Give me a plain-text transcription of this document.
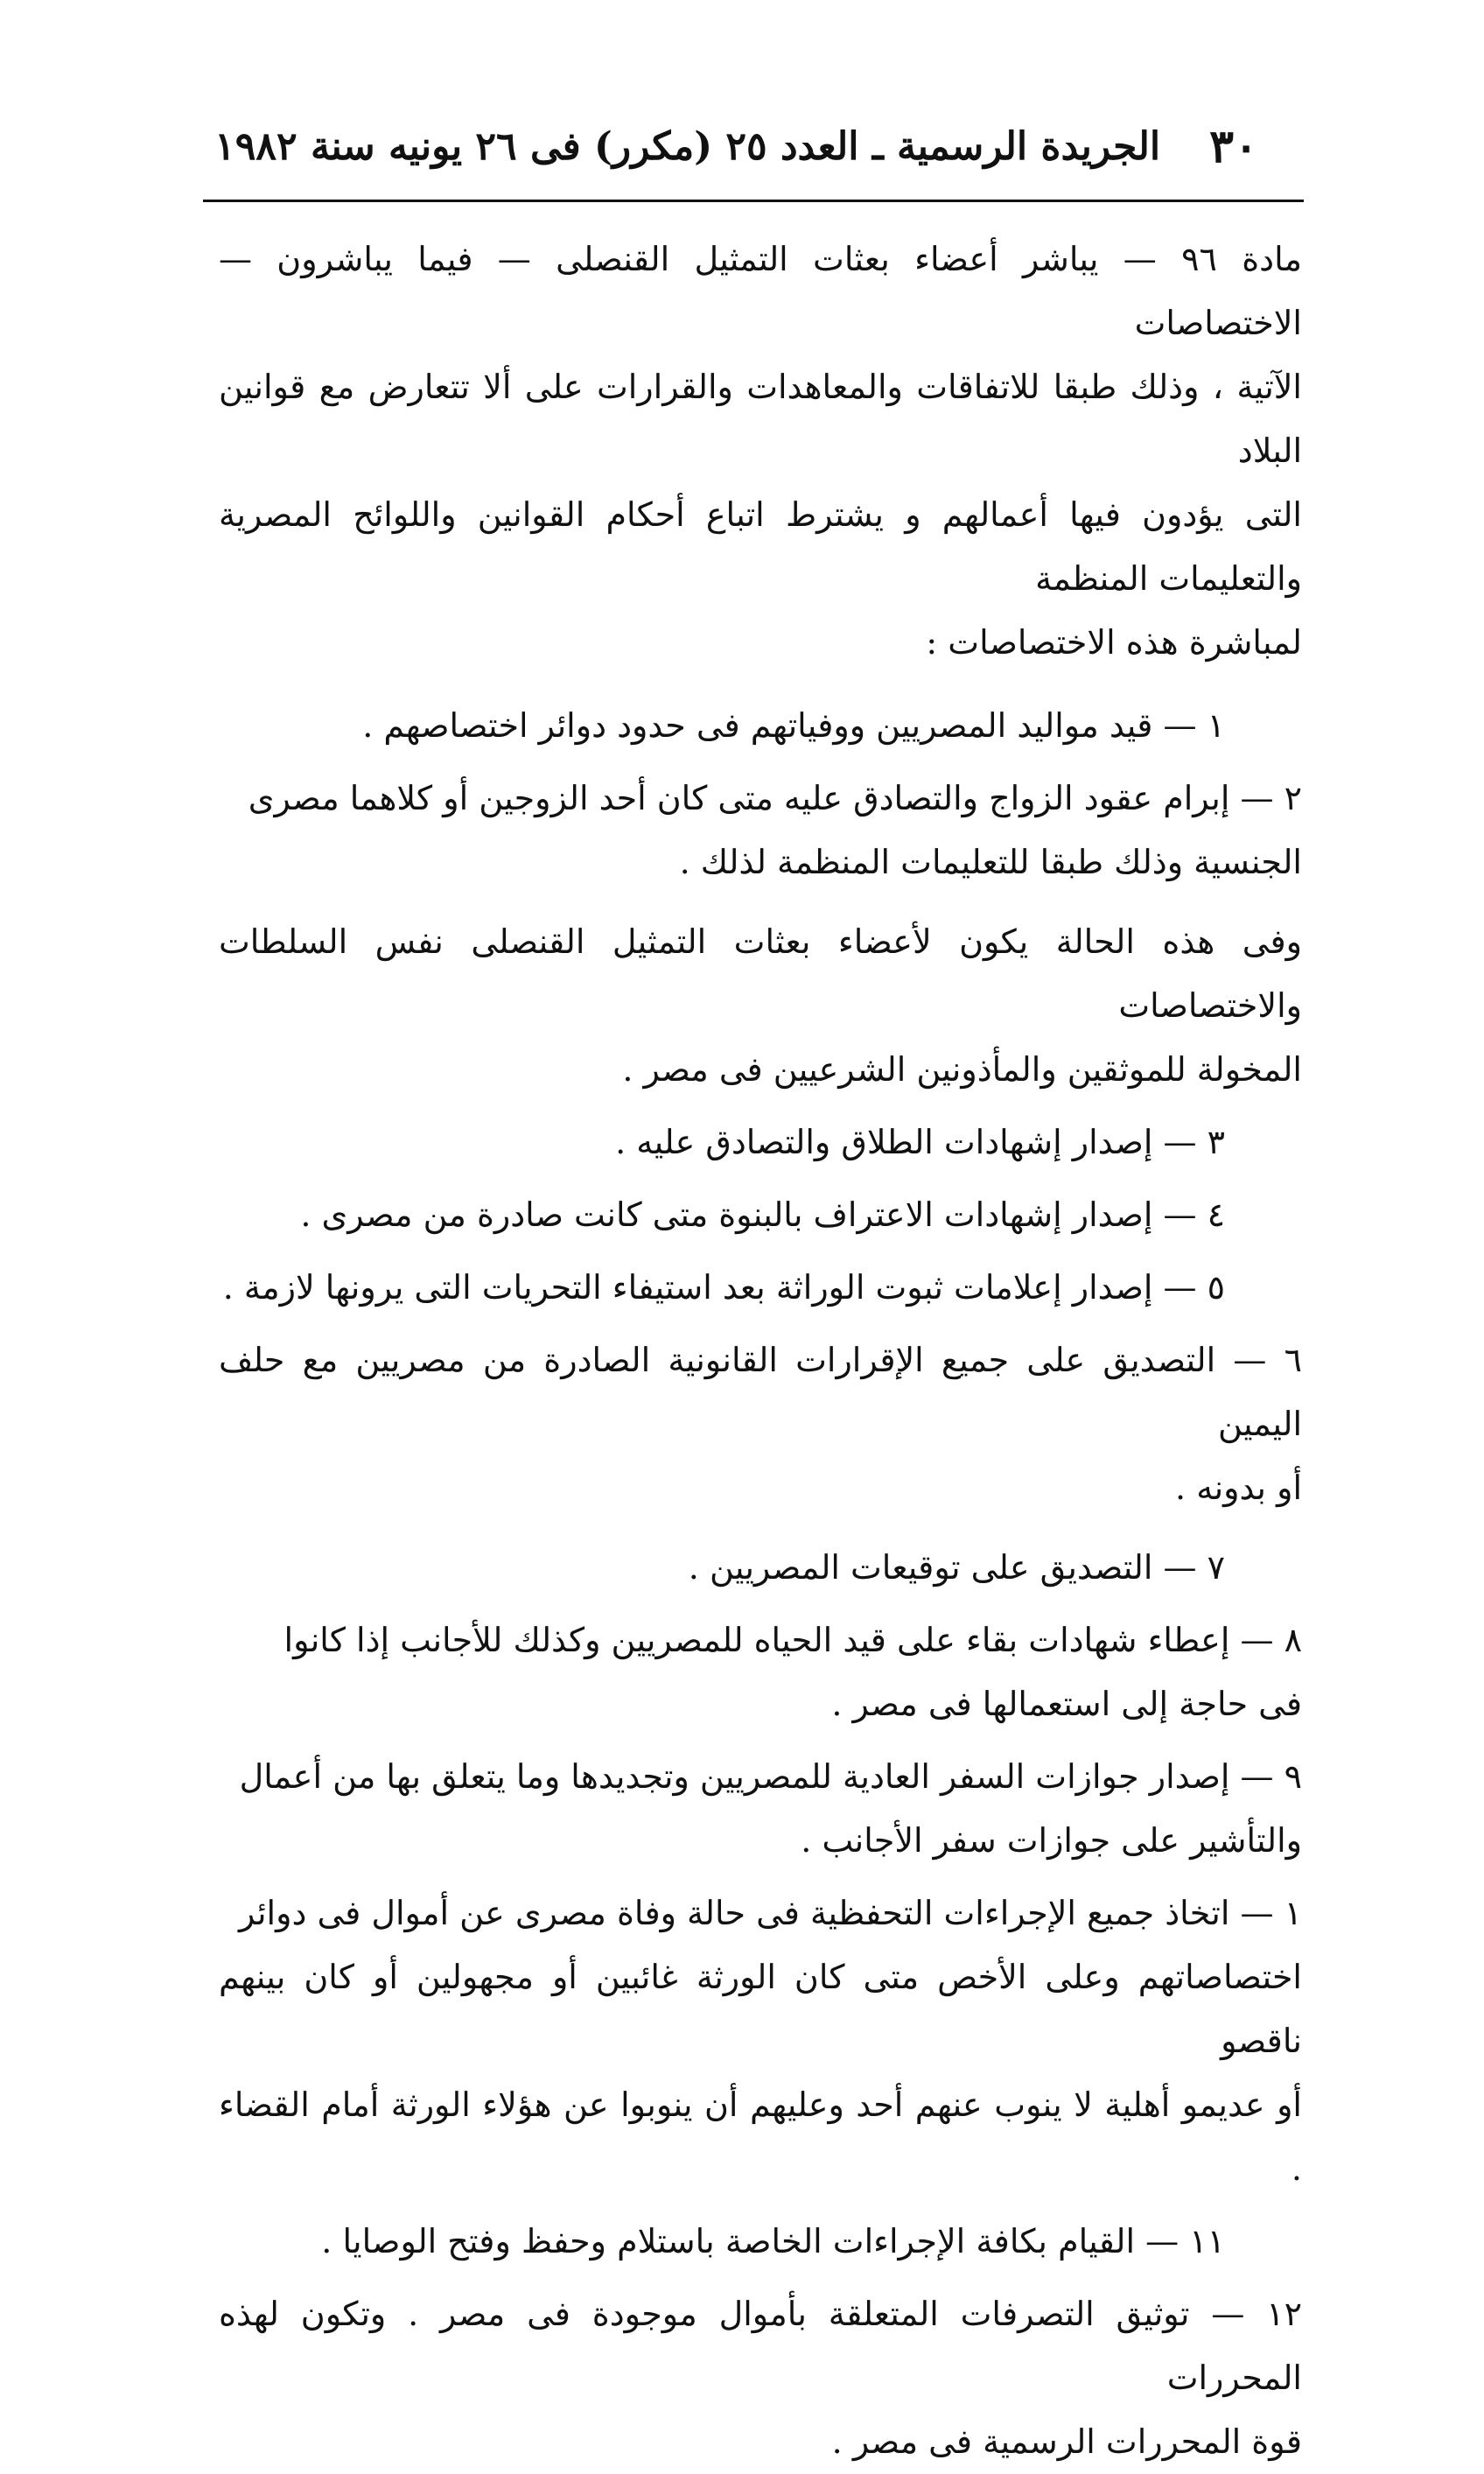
٣٠
الجريدة الرسمية ـ العدد ٢٥ (مكرر) فى ٢٦ يونيه سنة ١٩٨٢

مادة ٩٦ — يباشر أعضاء بعثات التمثيل القنصلى — فيما يباشرون — الاختصاصات
الآتية ، وذلك طبقا للاتفاقات والمعاهدات والقرارات على ألا تتعارض مع قوانين البلاد
التى يؤدون فيها أعمالهم و يشترط اتباع أحكام القوانين واللوائح المصرية والتعليمات المنظمة
لمباشرة هذه الاختصاصات :

١ — قيد مواليد المصريين ووفياتهم فى حدود دوائر اختصاصهم .

٢ — إبرام عقود الزواج والتصادق عليه متى كان أحد الزوجين أو كلاهما مصرى
الجنسية وذلك طبقا للتعليمات المنظمة لذلك .

وفى هذه الحالة يكون لأعضاء بعثات التمثيل القنصلى نفس السلطات والاختصاصات
المخولة للموثقين والمأذونين الشرعيين فى مصر .

٣ — إصدار إشهادات الطلاق والتصادق عليه .

٤ — إصدار إشهادات الاعتراف بالبنوة متى كانت صادرة من مصرى .

٥ — إصدار إعلامات ثبوت الوراثة بعد استيفاء التحريات التى يرونها لازمة .

٦ — التصديق على جميع الإقرارات القانونية الصادرة من مصريين مع حلف اليمين
أو بدونه .

٧ — التصديق على توقيعات المصريين .

٨ — إعطاء شهادات بقاء على قيد الحياه للمصريين وكذلك للأجانب إذا كانوا
فى حاجة إلى استعمالها فى مصر .

٩ — إصدار جوازات السفر العادية للمصريين وتجديدها وما يتعلق بها من أعمال
والتأشير على جوازات سفر الأجانب .

١ — اتخاذ جميع الإجراءات التحفظية فى حالة وفاة مصرى عن أموال فى دوائر
اختصاصاتهم وعلى الأخص متى كان الورثة غائبين أو مجهولين أو كان بينهم ناقصو
أو عديمو أهلية لا ينوب عنهم أحد وعليهم أن ينوبوا عن هؤلاء الورثة أمام القضاء .

١١ — القيام بكافة الإجراءات الخاصة باستلام وحفظ وفتح الوصايا .

١٢ — توثيق التصرفات المتعلقة بأموال موجودة فى مصر . وتكون لهذه المحررات
قوة المحررات الرسمية فى مصر .
